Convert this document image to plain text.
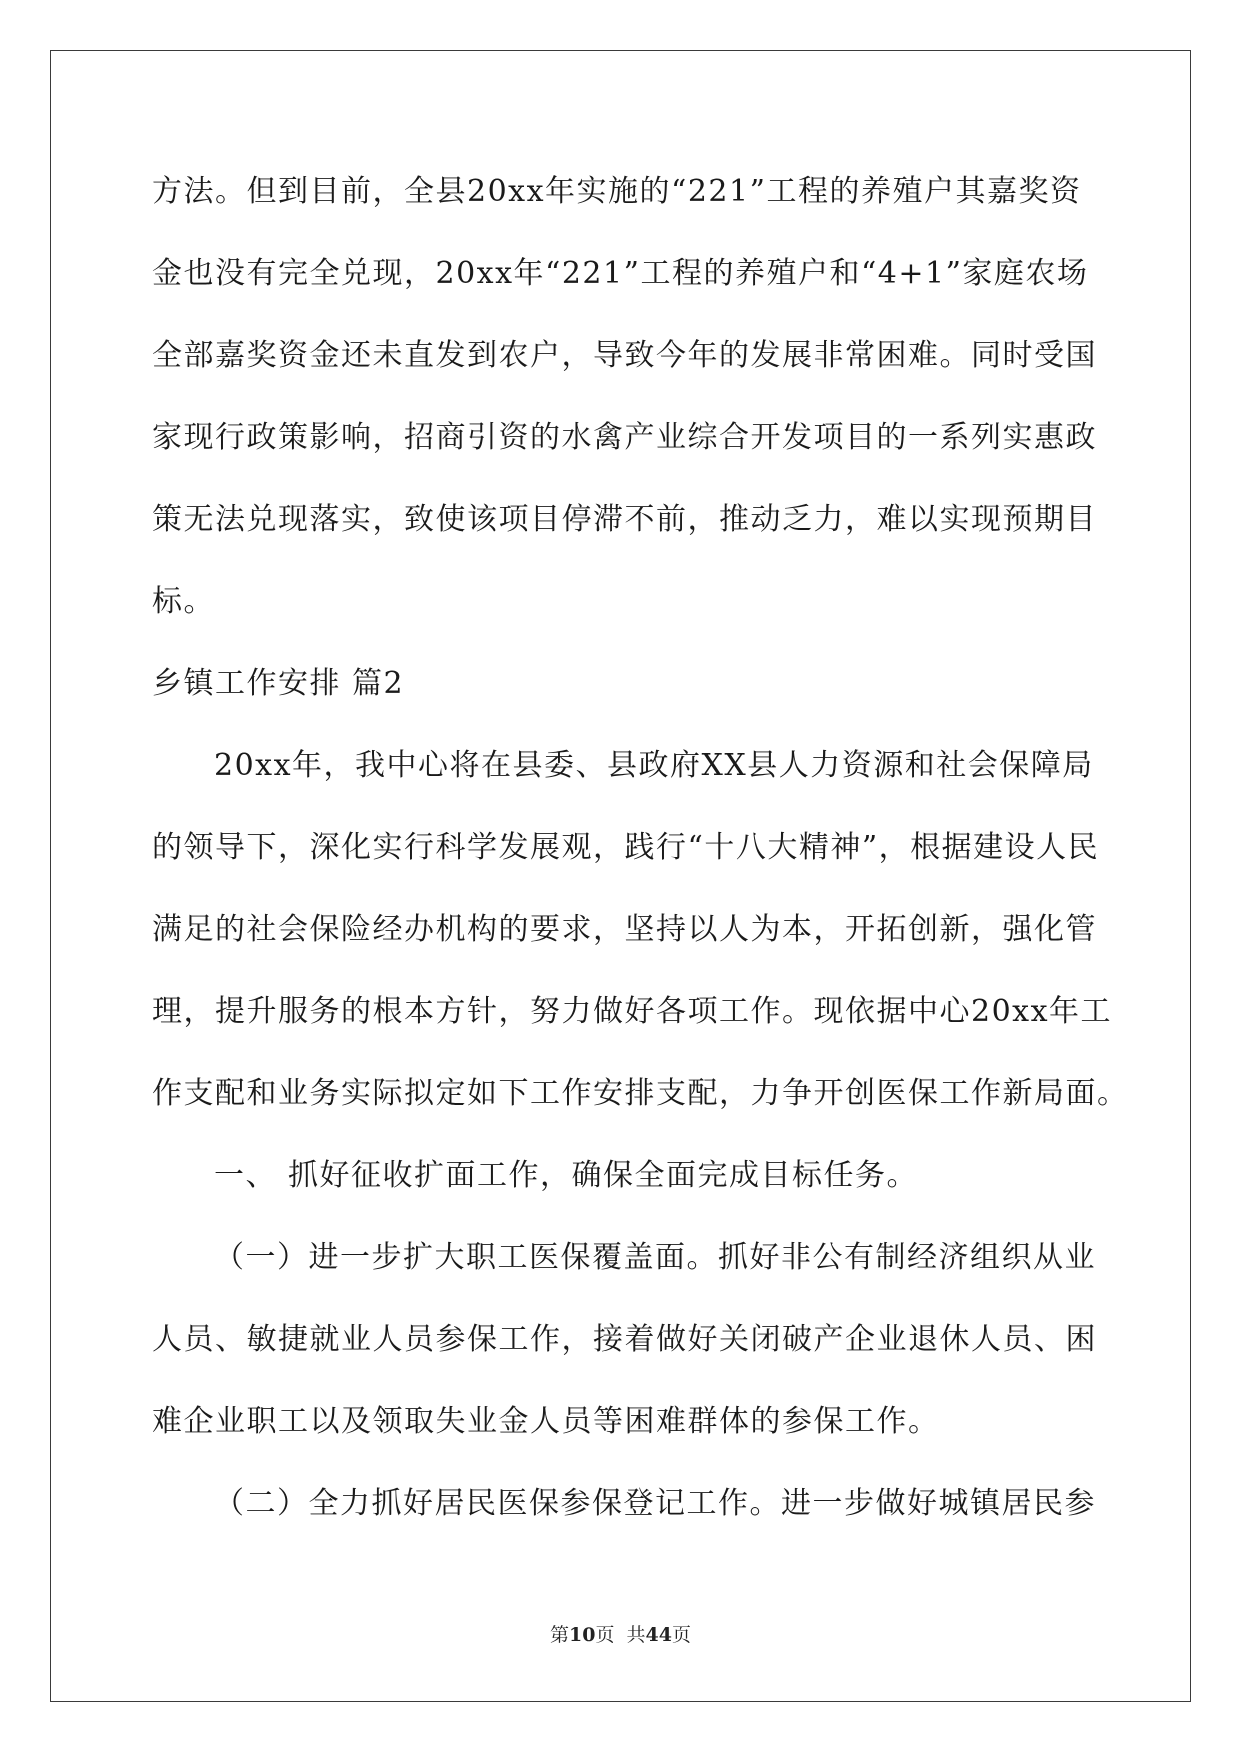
方法。但到目前，全县20xx年实施的“221”工程的养殖户其嘉奖资
金也没有完全兑现，20xx年“221”工程的养殖户和“4+1”家庭农场
全部嘉奖资金还未直发到农户，导致今年的发展非常困难。同时受国
家现行政策影响，招商引资的水禽产业综合开发项目的一系列实惠政
策无法兑现落实，致使该项目停滞不前，推动乏力，难以实现预期目
标。
乡镇工作安排 篇2
20xx年，我中心将在县委、县政府XX县人力资源和社会保障局
的领导下，深化实行科学发展观，践行“十八大精神”，根据建设人民
满足的社会保险经办机构的要求，坚持以人为本，开拓创新，强化管
理，提升服务的根本方针，努力做好各项工作。现依据中心20xx年工
作支配和业务实际拟定如下工作安排支配，力争开创医保工作新局面。
一、 抓好征收扩面工作，确保全面完成目标任务。
（一）进一步扩大职工医保覆盖面。抓好非公有制经济组织从业
人员、敏捷就业人员参保工作，接着做好关闭破产企业退休人员、困
难企业职工以及领取失业金人员等困难群体的参保工作。
（二）全力抓好居民医保参保登记工作。进一步做好城镇居民参
第10页  共44页
